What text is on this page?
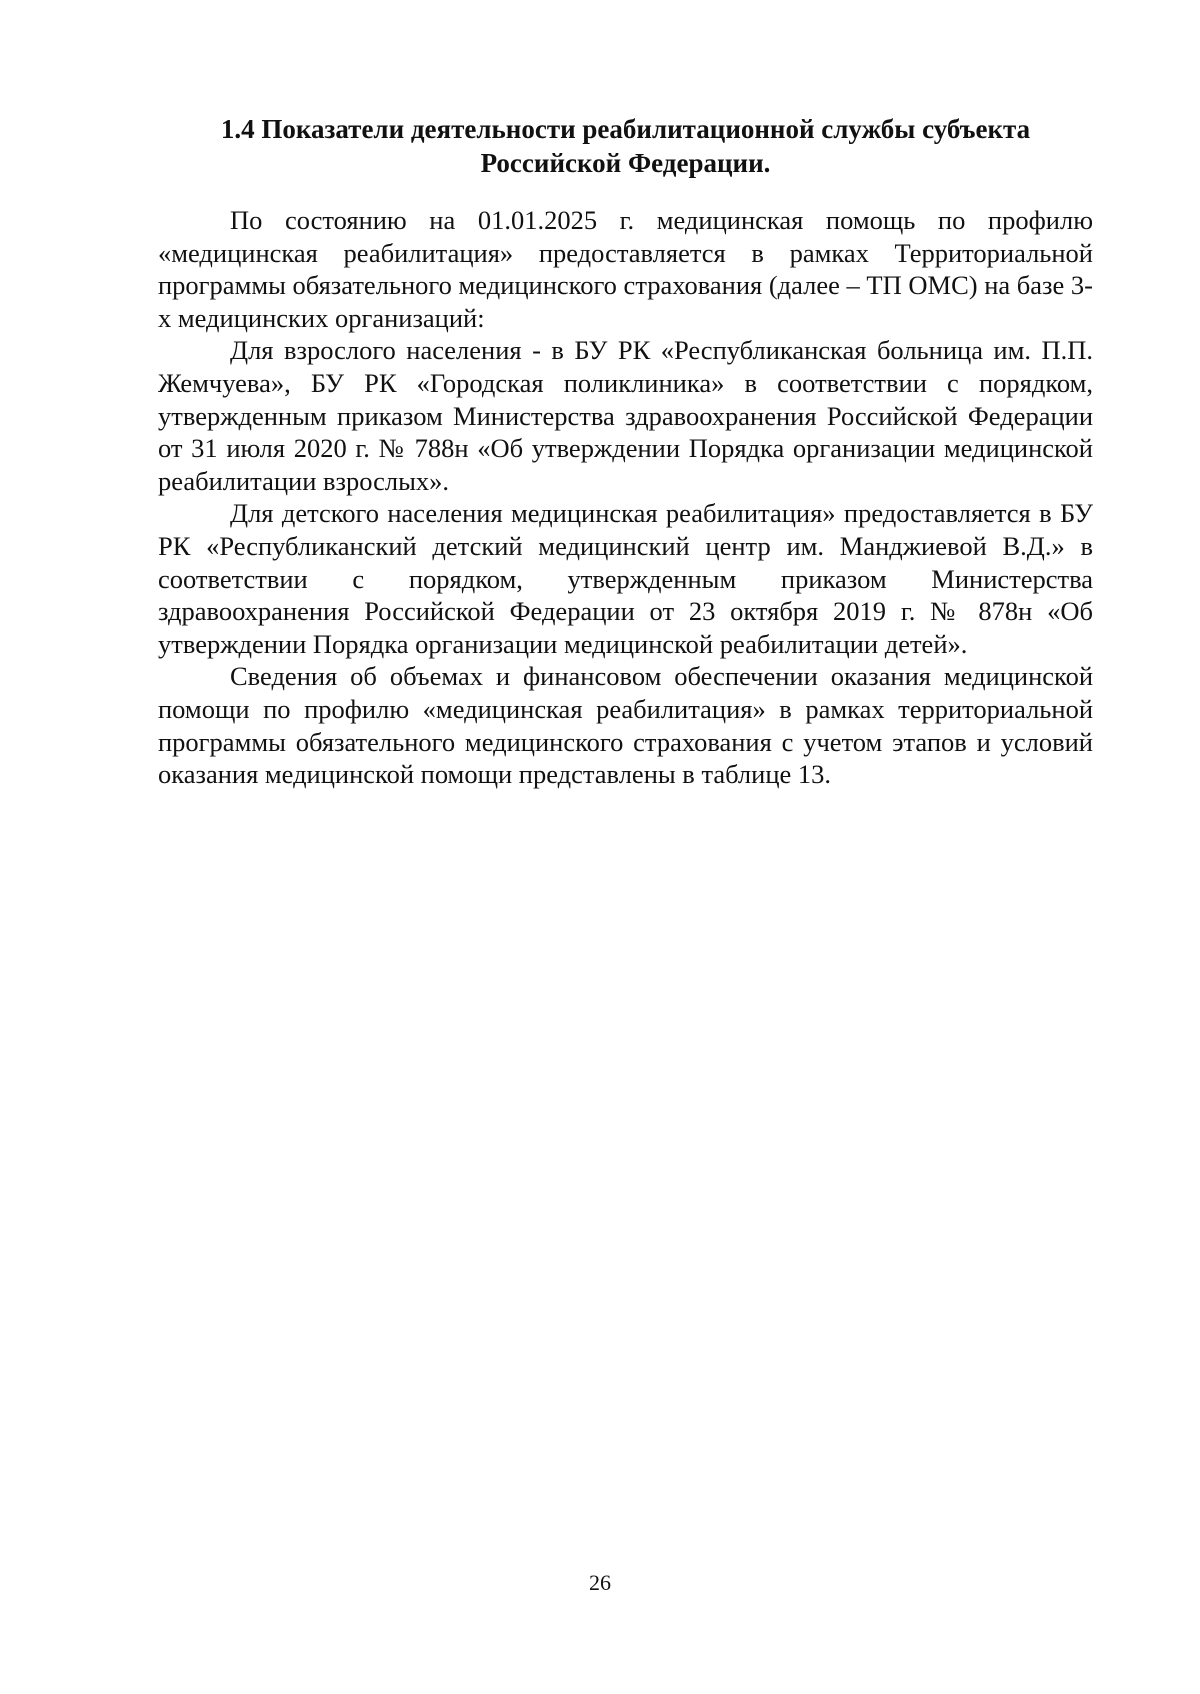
1.4 Показатели деятельности реабилитационной службы субъекта Российской Федерации.

По состоянию на 01.01.2025 г. медицинская помощь по профилю «медицинская реабилитация» предоставляется в рамках Территориальной программы обязательного медицинского страхования (далее – ТП ОМС) на базе 3-х медицинских организаций:

Для взрослого населения - в БУ РК «Республиканская больница им. П.П. Жемчуева», БУ РК «Городская поликлиника» в соответствии с порядком, утвержденным приказом Министерства здравоохранения Российской Федерации от 31 июля 2020 г. № 788н «Об утверждении Порядка организации медицинской реабилитации взрослых».

Для детского населения медицинская реабилитация» предоставляется в БУ РК «Республиканский детский медицинский центр им. Манджиевой В.Д.» в соответствии с порядком, утвержденным приказом Министерства здравоохранения Российской Федерации от 23 октября 2019 г. № 878н «Об утверждении Порядка организации медицинской реабилитации детей».

Сведения об объемах и финансовом обеспечении оказания медицинской помощи по профилю «медицинская реабилитация» в рамках территориальной программы обязательного медицинского страхования с учетом этапов и условий оказания медицинской помощи представлены в таблице 13.

26
